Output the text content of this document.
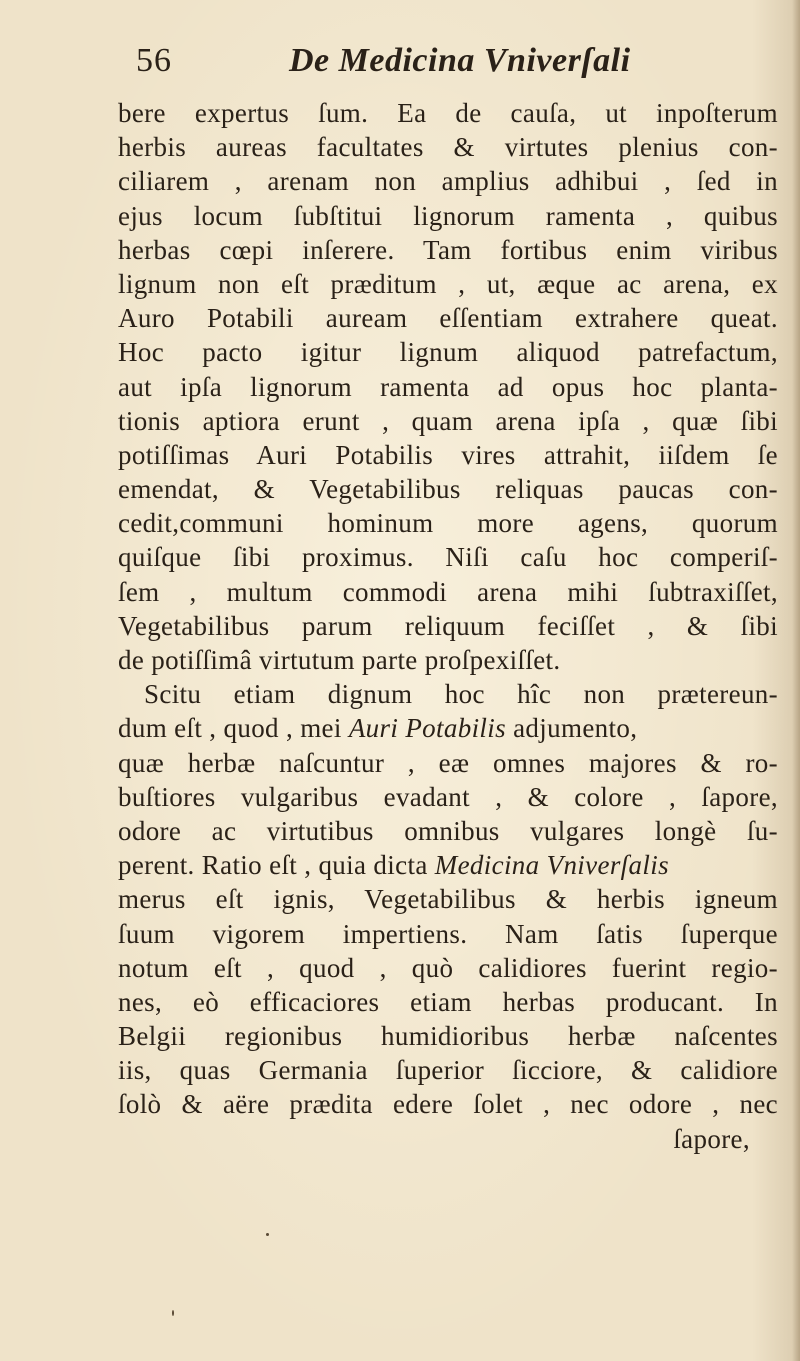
56	De Medicina Vniverſali
bere expertus ſum. Ea de cauſa, ut inpoſterum
herbis aureas facultates & virtutes plenius con-
ciliarem , arenam non amplius adhibui , ſed in
ejus locum ſubſtitui lignorum ramenta , quibus
herbas cœpi inſerere. Tam fortibus enim viribus
lignum non eſt præditum , ut, æque ac arena, ex
Auro Potabili auream eſſentiam extrahere queat.
Hoc pacto igitur lignum aliquod patrefactum,
aut ipſa lignorum ramenta ad opus hoc planta-
tionis aptiora erunt , quam arena ipſa , quæ ſibi
potiſſimas Auri Potabilis vires attrahit, iiſdem ſe
emendat, & Vegetabilibus reliquas paucas con-
cedit,communi hominum more agens, quorum
quiſque ſibi proximus. Niſi caſu hoc comperiſ-
ſem , multum commodi arena mihi ſubtraxiſſet,
Vegetabilibus parum reliquum feciſſet , & ſibi
de potiſſimâ virtutum parte proſpexiſſet.
Scitu etiam dignum hoc hîc non prætereun-
dum eſt , quod , mei Auri Potabilis adjumento,
quæ herbæ naſcuntur , eæ omnes majores & ro-
buſtiores vulgaribus evadant , & colore , ſapore,
odore ac virtutibus omnibus vulgares longè ſu-
perent. Ratio eſt , quia dicta Medicina Vniverſalis
merus eſt ignis, Vegetabilibus & herbis igneum
ſuum vigorem impertiens. Nam ſatis ſuperque
notum eſt , quod , quò calidiores fuerint regio-
nes, eò efficaciores etiam herbas producant. In
Belgii regionibus humidioribus herbæ naſcentes
iis, quas Germania ſuperior ſicciore, & calidiore
ſolò & aëre prædita edere ſolet , nec odore , nec
ſapore,
